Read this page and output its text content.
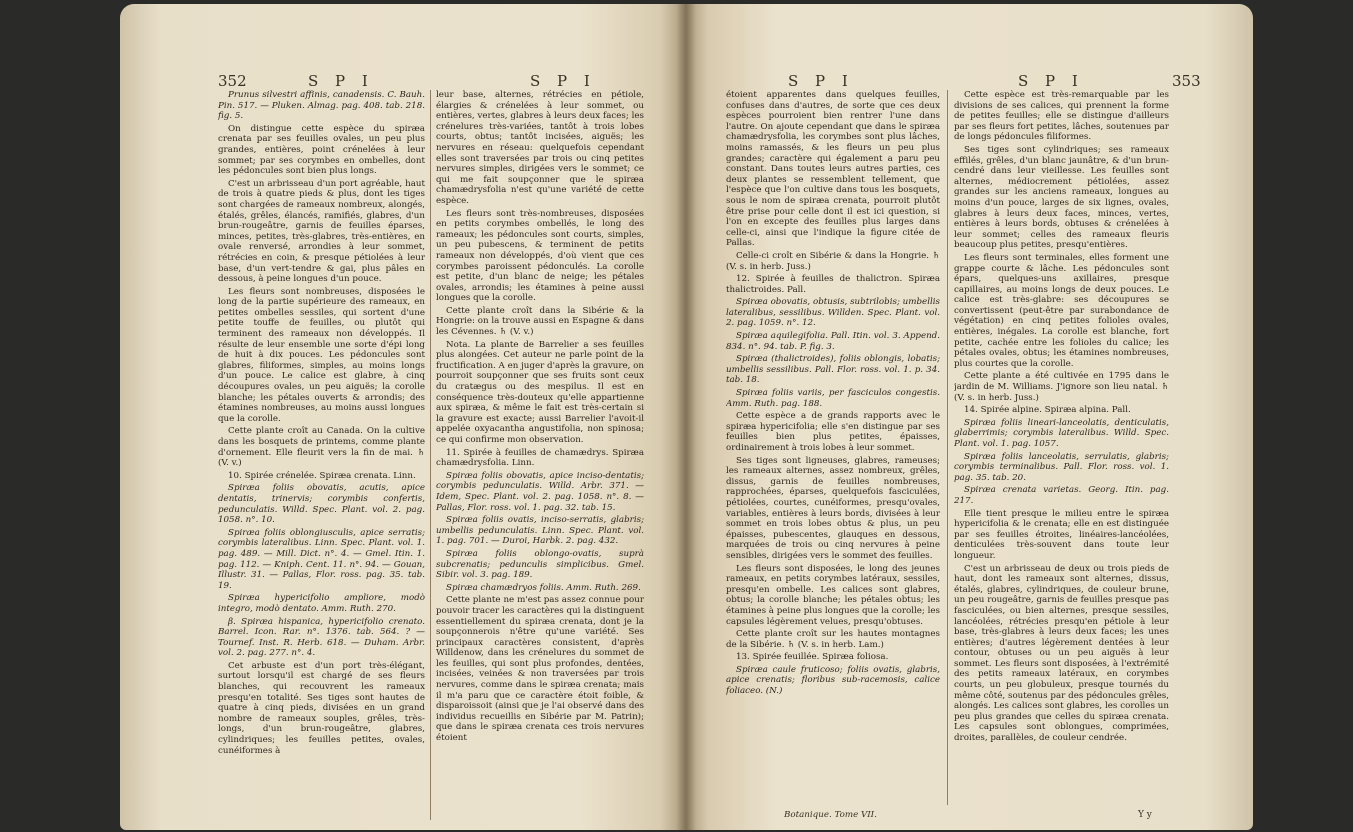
352	S P I	S P I

Prunus silvestri affinis, canadensis. C. Bauh. Pin. 517. — Pluken. Almag. pag. 408. tab. 218. fig. 5.

On distingue cette espèce du spiræa crenata par ses feuilles ovales, un peu plus grandes, entières, point crénelées à leur sommet; par ses corymbes en ombelles, dont les pédoncules sont bien plus longs.

C'est un arbrisseau d'un port agréable, haut de trois à quatre pieds & plus, dont les tiges sont chargées de rameaux nombreux, alongés, étalés, grêles, élancés, ramifiés, glabres, d'un brun-rougeâtre, garnis de feuilles éparses, minces, petites, très-glabres, très-entières, en ovale renversé, arrondies à leur sommet, rétrécies en coin, & presque pétiolées à leur base, d'un vert-tendre & gai, plus pâles en dessous, à peine longues d'un pouce.

Les fleurs sont nombreuses, disposées le long de la partie supérieure des rameaux, en petites ombelles sessiles, qui sortent d'une petite touffe de feuilles, ou plutôt qui terminent des rameaux non développés. Il résulte de leur ensemble une sorte d'épi long de huit à dix pouces. Les pédoncules sont glabres, filiformes, simples, au moins longs d'un pouce. Le calice est glabre, à cinq découpures ovales, un peu aiguës; la corolle blanche; les pétales ouverts & arrondis; des étamines nombreuses, au moins aussi longues que la corolle.

Cette plante croît au Canada. On la cultive dans les bosquets de printems, comme plante d'ornement. Elle fleurit vers la fin de mai. ♄ (V. v.)

10. Spirée crénelée. Spiræa crenata. Linn.

Spiræa foliis obovatis, acutis, apice dentatis, trinervis; corymbis confertis, pedunculatis. Willd. Spec. Plant. vol. 2. pag. 1058. n°. 10.

Spiræa foliis oblongiusculis, apice serratis; corymbis lateralibus. Linn. Spec. Plant. vol. 1. pag. 489. — Mill. Dict. n°. 4. — Gmel. Itin. 1. pag. 112. — Kniph. Cent. 11. n°. 94. — Gouan, Illustr. 31. — Pallas, Flor. ross. pag. 35. tab. 19.

Spiræa hypericifolio ampliore, modò integro, modò dentato. Amm. Ruth. 270.

β. Spiræa hispanica, hypericifolio crenato. Barrel. Icon. Rar. n°. 1376. tab. 564. ? — Tournef. Inst. R. Herb. 618. — Duham. Arbr. vol. 2. pag. 277. n°. 4.

Cet arbuste est d'un port très-élégant, surtout lorsqu'il est chargé de ses fleurs blanches, qui recouvrent les rameaux presqu'en totalité. Ses tiges sont hautes de quatre à cinq pieds, divisées en un grand nombre de rameaux souples, grêles, très-longs, d'un brun-rougeâtre, glabres, cylindriques; les feuilles petites, ovales, cunéiformes à

leur base, alternes, rétrécies en pétiole, élargies & crénelées à leur sommet, ou entières, vertes, glabres à leurs deux faces; les crénelures très-variées, tantôt à trois lobes courts, obtus; tantôt incisées, aiguës; les nervures en réseau: quelquefois cependant elles sont traversées par trois ou cinq petites nervures simples, dirigées vers le sommet; ce qui me fait soupçonner que le spiræa chamædrysfolia n'est qu'une variété de cette espèce.

Les fleurs sont très-nombreuses, disposées en petits corymbes ombellés, le long des rameaux; les pédoncules sont courts, simples, un peu pubescens, & terminent de petits rameaux non développés, d'où vient que ces corymbes paroissent pédonculés. La corolle est petite, d'un blanc de neige; les pétales ovales, arrondis; les étamines à peine aussi longues que la corolle.

Cette plante croît dans la Sibérie & la Hongrie: on la trouve aussi en Espagne & dans les Cévennes. ♄ (V. v.)

Nota. La plante de Barrelier a ses feuilles plus alongées. Cet auteur ne parle point de la fructification. A en juger d'après la gravure, on pourroit soupçonner que ses fruits sont ceux du cratægus ou des mespilus. Il est en conséquence très-douteux qu'elle appartienne aux spiræa, & même le fait est très-certain si la gravure est exacte; aussi Barrelier l'avoit-il appelée oxyacantha angustifolia, non spinosa; ce qui confirme mon observation.

11. Spirée à feuilles de chamædrys. Spiræa chamædrysfolia. Linn.

Spiræa foliis obovatis, apice inciso-dentatis; corymbis pedunculatis. Willd. Arbr. 371. — Idem, Spec. Plant. vol. 2. pag. 1058. n°. 8. — Pallas, Flor. ross. vol. 1. pag. 32. tab. 15.

Spiræa foliis ovatis, inciso-serratis, glabris; umbellis pedunculatis. Linn. Spec. Plant. vol. 1. pag. 701. — Duroi, Harbk. 2. pag. 432.

Spiræa foliis oblongo-ovatis, suprà subcrenatis; pedunculis simplicibus. Gmel. Sibir. vol. 3. pag. 189.

Spiræa chamædryos foliis. Amm. Ruth. 269.

Cette plante ne m'est pas assez connue pour pouvoir tracer les caractères qui la distinguent essentiellement du spiræa crenata, dont je la soupçonnerois n'être qu'une variété. Ses principaux caractères consistent, d'après Willdenow, dans les crénelures du sommet de les feuilles, qui sont plus profondes, dentées, incisées, veinées & non traversées par trois nervures, comme dans le spiræa crenata; mais il m'a paru que ce caractère étoit foible, & disparoissoit (ainsi que je l'ai observé dans des individus recueillis en Sibérie par M. Patrin); que dans le spiræa crenata ces trois nervures étoient

S P I	S P I	353

étoient apparentes dans quelques feuilles, confuses dans d'autres, de sorte que ces deux espèces pourroient bien rentrer l'une dans l'autre. On ajoute cependant que dans le spiræa chamædrysfolia, les corymbes sont plus lâches, moins ramassés, & les fleurs un peu plus grandes; caractère qui également a paru peu constant. Dans toutes leurs autres parties, ces deux plantes se ressemblent tellement, que l'espèce que l'on cultive dans tous les bosquets, sous le nom de spiræa crenata, pourroit plutôt être prise pour celle dont il est ici question, si l'on en excepte des feuilles plus larges dans celle-ci, ainsi que l'indique la figure citée de Pallas.

Celle-ci croît en Sibérie & dans la Hongrie. ♄ (V. s. in herb. Juss.)

12. Spirée à feuilles de thalictron. Spiræa thalictroides. Pall.

Spiræa obovatis, obtusis, subtrilobis; umbellis lateralibus, sessilibus. Willden. Spec. Plant. vol. 2. pag. 1059. n°. 12.

Spiræa aquilegifolia. Pall. Itin. vol. 3. Append. 834. n°. 94. tab. P. fig. 3.

Spiræa (thalictroides), foliis oblongis, lobatis; umbellis sessilibus. Pall. Flor. ross. vol. 1. p. 34. tab. 18.

Spiræa foliis variis, per fasciculos congestis. Amm. Ruth. pag. 188.

Cette espèce a de grands rapports avec le spiræa hypericifolia; elle s'en distingue par ses feuilles bien plus petites, épaisses, ordinairement à trois lobes à leur sommet.

Ses tiges sont ligneuses, glabres, rameuses; les rameaux alternes, assez nombreux, grêles, dissus, garnis de feuilles nombreuses, rapprochées, éparses, quelquefois fasciculées, pétiolées, courtes, cunéiformes, presqu'ovales, variables, entières à leurs bords, divisées à leur sommet en trois lobes obtus & plus, un peu épaisses, pubescentes, glauques en dessous, marquées de trois ou cinq nervures à peine sensibles, dirigées vers le sommet des feuilles.

Les fleurs sont disposées, le long des jeunes rameaux, en petits corymbes latéraux, sessiles, presqu'en ombelle. Les calices sont glabres, obtus; la corolle blanche; les pétales obtus; les étamines à peine plus longues que la corolle; les capsules légèrement velues, presqu'obtuses.

Cette plante croît sur les hautes montagnes de la Sibérie. ♄ (V. s. in herb. Lam.)

13. Spirée feuillée. Spiræa foliosa.

Spiræa caule fruticoso; foliis ovatis, glabris, apice crenatis; floribus sub-racemosis, calice foliaceo. (N.)

Cette espèce est très-remarquable par les divisions de ses calices, qui prennent la forme de petites feuilles; elle se distingue d'ailleurs par ses fleurs fort petites, lâches, soutenues par de longs pédoncules filiformes.

Ses tiges sont cylindriques; ses rameaux effilés, grêles, d'un blanc jaunâtre, & d'un brun-cendré dans leur vieillesse. Les feuilles sont alternes, médiocrement pétiolées, assez grandes sur les anciens rameaux, longues au moins d'un pouce, larges de six lignes, ovales, glabres à leurs deux faces, minces, vertes, entières à leurs bords, obtuses & crénelées à leur sommet; celles des rameaux fleuris beaucoup plus petites, presqu'entières.

Les fleurs sont terminales, elles forment une grappe courte & lâche. Les pédoncules sont épars, quelques-uns axillaires, presque capillaires, au moins longs de deux pouces. Le calice est très-glabre: ses découpures se convertissent (peut-être par surabondance de végétation) en cinq petites folioles ovales, entières, inégales. La corolle est blanche, fort petite, cachée entre les folioles du calice; les pétales ovales, obtus; les étamines nombreuses, plus courtes que la corolle.

Cette plante a été cultivée en 1795 dans le jardin de M. Williams. J'ignore son lieu natal. ♄ (V. s. in herb. Juss.)

14. Spirée alpine. Spiræa alpina. Pall.

Spiræa foliis lineari-lanceolatis, denticulatis, glaberrimis; corymbis lateralibus. Willd. Spec. Plant. vol. 1. pag. 1057.

Spiræa foliis lanceolatis, serrulatis, glabris; corymbis terminalibus. Pall. Flor. ross. vol. 1. pag. 35. tab. 20.

Spiræa crenata varietas. Georg. Itin. pag. 217.

Elle tient presque le milieu entre le spiræa hypericifolia & le crenata; elle en est distinguée par ses feuilles étroites, linéaires-lancéolées, denticulées très-souvent dans toute leur longueur.

C'est un arbrisseau de deux ou trois pieds de haut, dont les rameaux sont alternes, dissus, étalés, glabres, cylindriques, de couleur brune, un peu rougeâtre, garnis de feuilles presque pas fasciculées, ou bien alternes, presque sessiles, lancéolées, rétrécies presqu'en pétiole à leur base, très-glabres à leurs deux faces; les unes entières; d'autres légèrement dentées à leur contour, obtuses ou un peu aiguës à leur sommet. Les fleurs sont disposées, à l'extrémité des petits rameaux latéraux, en corymbes courts, un peu globuleux, presque tournés du même côté, soutenus par des pédoncules grêles, alongés. Les calices sont glabres, les corolles un peu plus grandes que celles du spiræa crenata. Les capsules sont oblongues, comprimées, droites, parallèles, de couleur cendrée.

Botanique. Tome VII.	Y y
